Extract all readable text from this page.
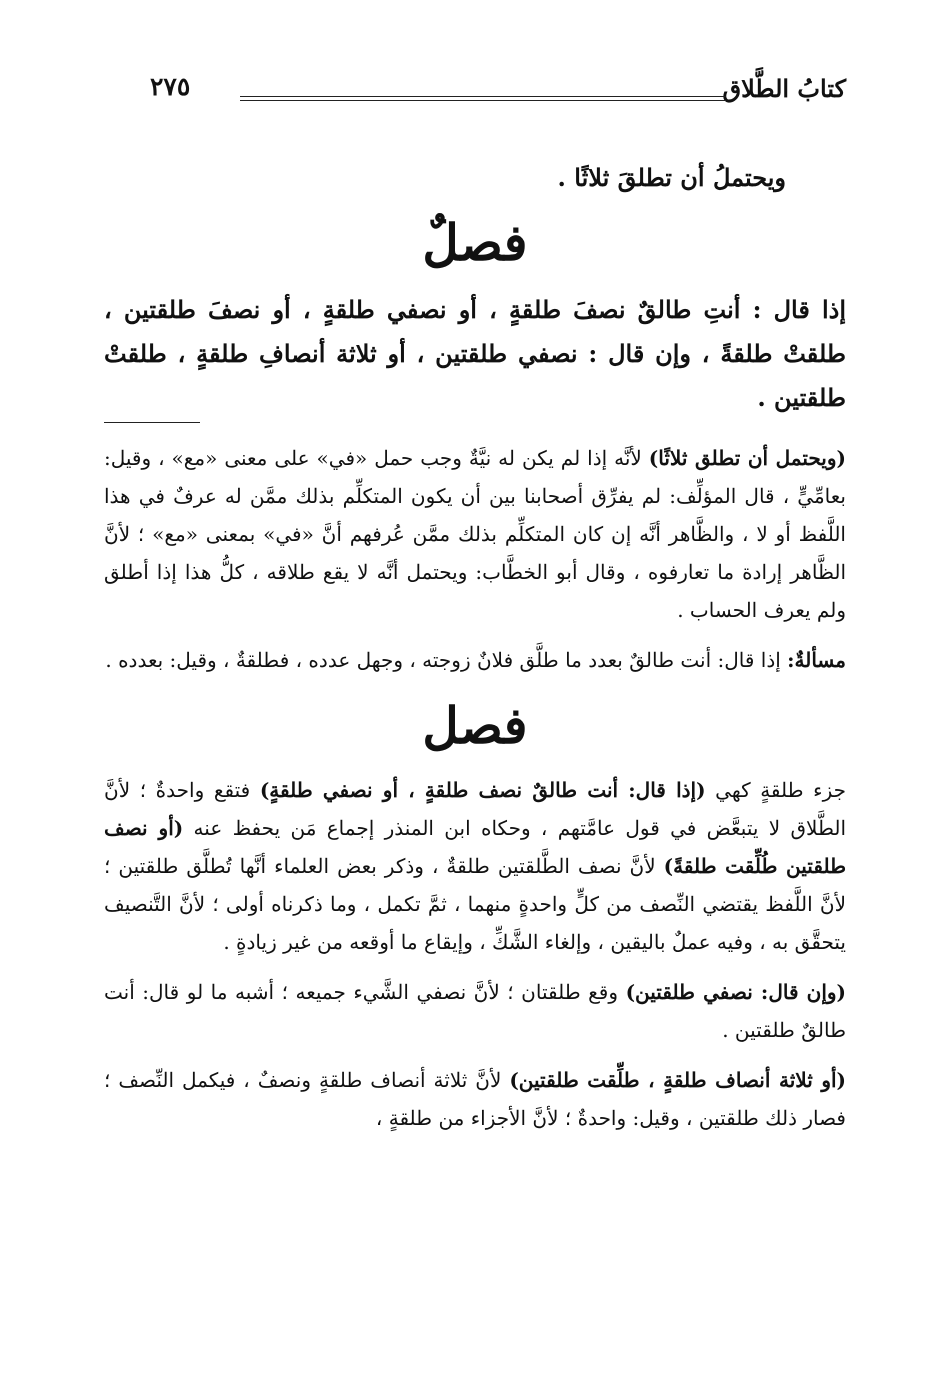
كتابُ الطَّلاق
٢٧٥

ويحتملُ أن تطلقَ ثلاثًا .

فصلٌ

إذا قال : أنتِ طالقٌ نصفَ طلقةٍ ، أو نصفي طلقةٍ ، أو نصفَ طلقتين ، طلقتْ طلقةً ، وإن قال : نصفي طلقتين ، أو ثلاثة أنصافِ طلقةٍ ، طلقتْ طلقتين .

(ويحتمل أن تطلق ثلاثًا) لأنَّه إذا لم يكن له نيَّةٌ وجب حمل «في» على معنى «مع» ، وقيل: بعامِّيٍّ ، قال المؤلِّف: لم يفرِّق أصحابنا بين أن يكون المتكلِّم بذلك ممَّن له عرفٌ في هذا اللَّفظ أو لا ، والظَّاهر أنَّه إن كان المتكلِّم بذلك ممَّن عُرفهم أنَّ «في» بمعنى «مع» ؛ لأنَّ الظَّاهر إرادة ما تعارفوه ، وقال أبو الخطَّاب: ويحتمل أنَّه لا يقع طلاقه ، كلُّ هذا إذا أطلق ولم يعرف الحساب .

مسألةٌ: إذا قال: أنت طالقٌ بعدد ما طلَّق فلانٌ زوجته ، وجهل عدده ، فطلقةٌ ، وقيل: بعدده .

فصل

جزء طلقةٍ كهي (إذا قال: أنت طالقٌ نصف طلقةٍ ، أو نصفي طلقةٍ) فتقع واحدةٌ ؛ لأنَّ الطَّلاق لا يتبعَّض في قول عامَّتهم ، وحكاه ابن المنذر إجماع مَن يحفظ عنه (أو نصف طلقتين طُلِّقت طلقةً) لأنَّ نصف الطَّلقتين طلقةٌ ، وذكر بعض العلماء أنَّها تُطلَّق طلقتين ؛ لأنَّ اللَّفظ يقتضي النِّصف من كلٍّ واحدةٍ منهما ، ثمَّ تكمل ، وما ذكرناه أولى ؛ لأنَّ التَّنصيف يتحقَّق به ، وفيه عملٌ باليقين ، وإلغاء الشَّكِّ ، وإيقاع ما أوقعه من غير زيادةٍ .

(وإن قال: نصفي طلقتين) وقع طلقتان ؛ لأنَّ نصفي الشَّيء جميعه ؛ أشبه ما لو قال: أنت طالقٌ طلقتين .

(أو ثلاثة أنصاف طلقةٍ ، طلِّقت طلقتين) لأنَّ ثلاثة أنصاف طلقةٍ ونصفٌ ، فيكمل النِّصف ؛ فصار ذلك طلقتين ، وقيل: واحدةٌ ؛ لأنَّ الأجزاء من طلقةٍ ،
